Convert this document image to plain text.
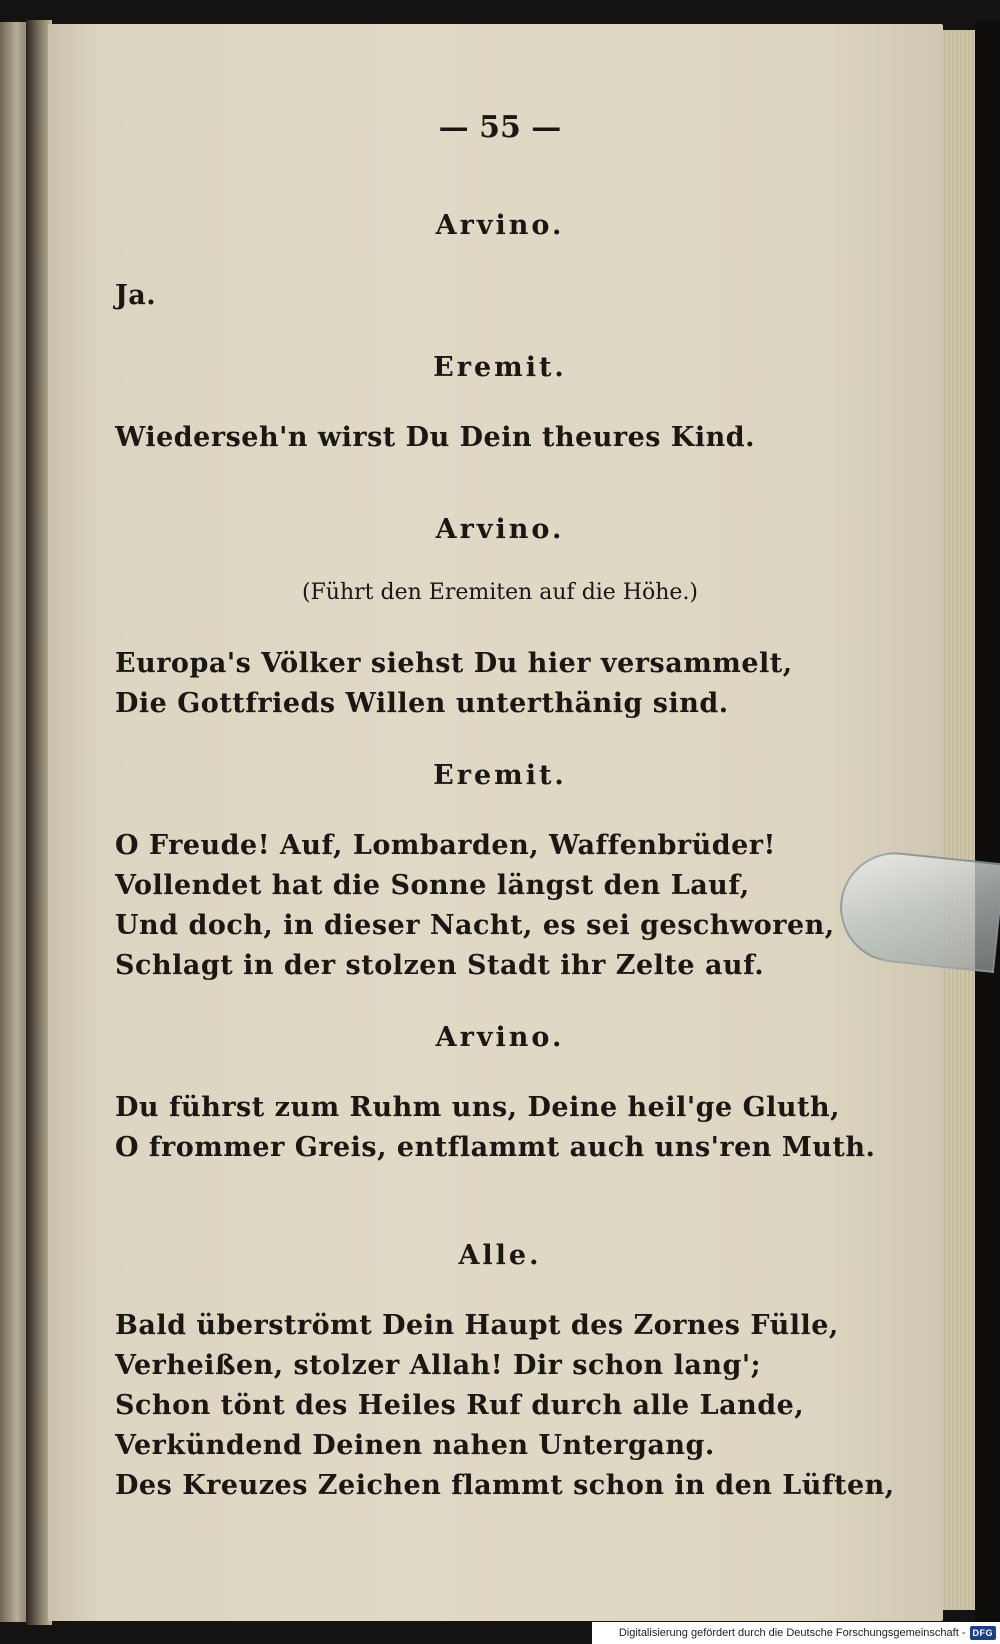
— 55 —
Arvino.
Ja.
Eremit.
Wiederseh'n wirst Du Dein theures Kind.
Arvino.
(Führt den Eremiten auf die Höhe.)
Europa's Völker siehst Du hier versammelt,
Die Gottfrieds Willen unterthänig sind.
Eremit.
O Freude! Auf, Lombarden, Waffenbrüder!
Vollendet hat die Sonne längst den Lauf,
Und doch, in dieser Nacht, es sei geschworen,
Schlagt in der stolzen Stadt ihr Zelte auf.
Arvino.
Du führst zum Ruhm uns, Deine heil'ge Gluth,
O frommer Greis, entflammt auch uns'ren Muth.
Alle.
Bald überströmt Dein Haupt des Zornes Fülle,
Verheißen, stolzer Allah! Dir schon lang';
Schon tönt des Heiles Ruf durch alle Lande,
Verkündend Deinen nahen Untergang.
Des Kreuzes Zeichen flammt schon in den Lüften,
Digitalisierung gefördert durch die Deutsche Forschungsgemeinschaft - DFG
